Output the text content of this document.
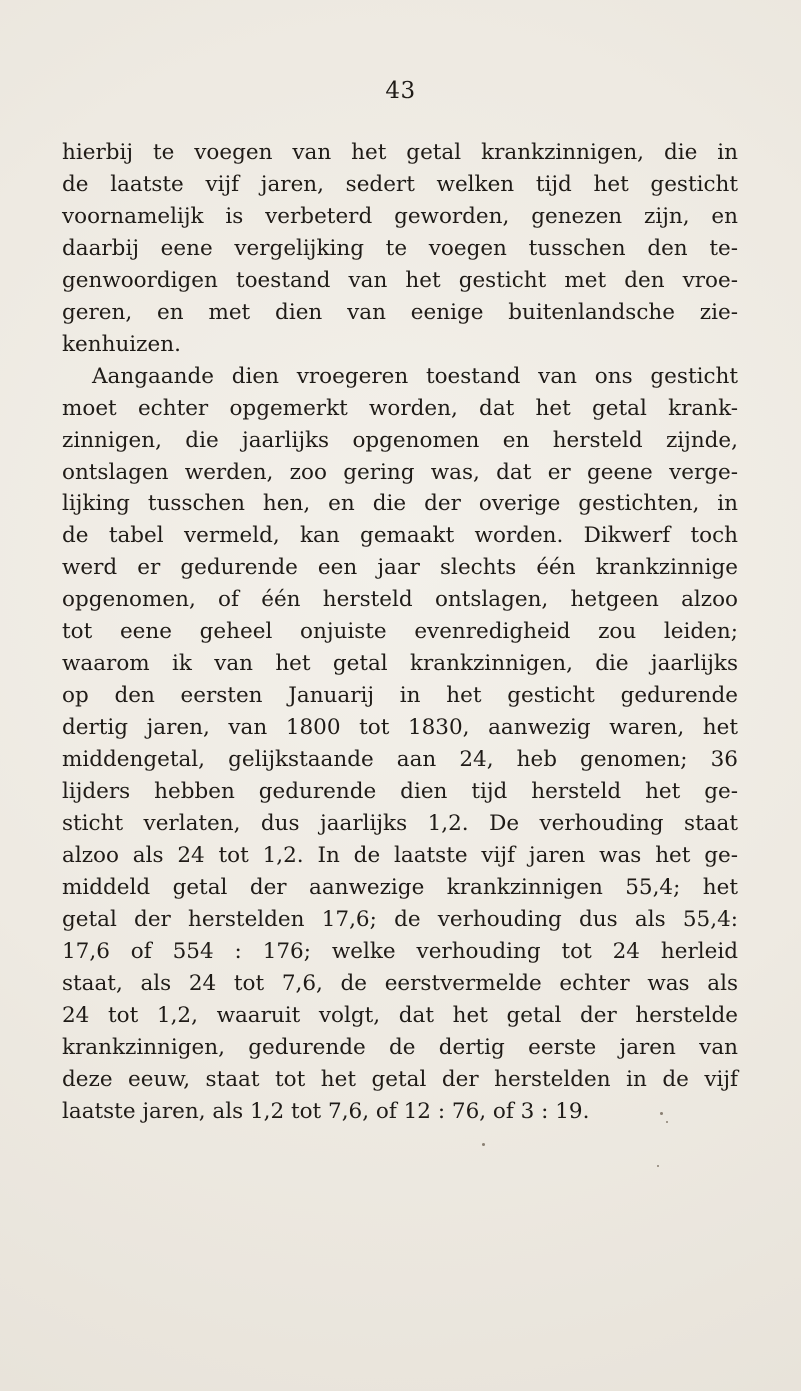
43
hierbij te voegen van het getal krankzinnigen, die in
de laatste vijf jaren, sedert welken tijd het gesticht
voornamelijk is verbeterd geworden, genezen zijn, en
daarbij eene vergelijking te voegen tusschen den te-
genwoordigen toestand van het gesticht met den vroe-
geren, en met dien van eenige buitenlandsche zie-
kenhuizen.
Aangaande dien vroegeren toestand van ons gesticht
moet echter opgemerkt worden, dat het getal krank-
zinnigen, die jaarlijks opgenomen en hersteld zijnde,
ontslagen werden, zoo gering was, dat er geene verge-
lijking tusschen hen, en die der overige gestichten, in
de tabel vermeld, kan gemaakt worden. Dikwerf toch
werd er gedurende een jaar slechts één krankzinnige
opgenomen, of één hersteld ontslagen, hetgeen alzoo
tot eene geheel onjuiste evenredigheid zou leiden;
waarom ik van het getal krankzinnigen, die jaarlijks
op den eersten Januarij in het gesticht gedurende
dertig jaren, van 1800 tot 1830, aanwezig waren, het
middengetal, gelijkstaande aan 24, heb genomen; 36
lijders hebben gedurende dien tijd hersteld het ge-
sticht verlaten, dus jaarlijks 1,2. De verhouding staat
alzoo als 24 tot 1,2. In de laatste vijf jaren was het ge-
middeld getal der aanwezige krankzinnigen 55,4; het
getal der herstelden 17,6; de verhouding dus als 55,4:
17,6 of 554 : 176; welke verhouding tot 24 herleid
staat, als 24 tot 7,6, de eerstvermelde echter was als
24 tot 1,2, waaruit volgt, dat het getal der herstelde
krankzinnigen, gedurende de dertig eerste jaren van
deze eeuw, staat tot het getal der herstelden in de vijf
laatste jaren, als 1,2 tot 7,6, of 12 : 76, of 3 : 19.
